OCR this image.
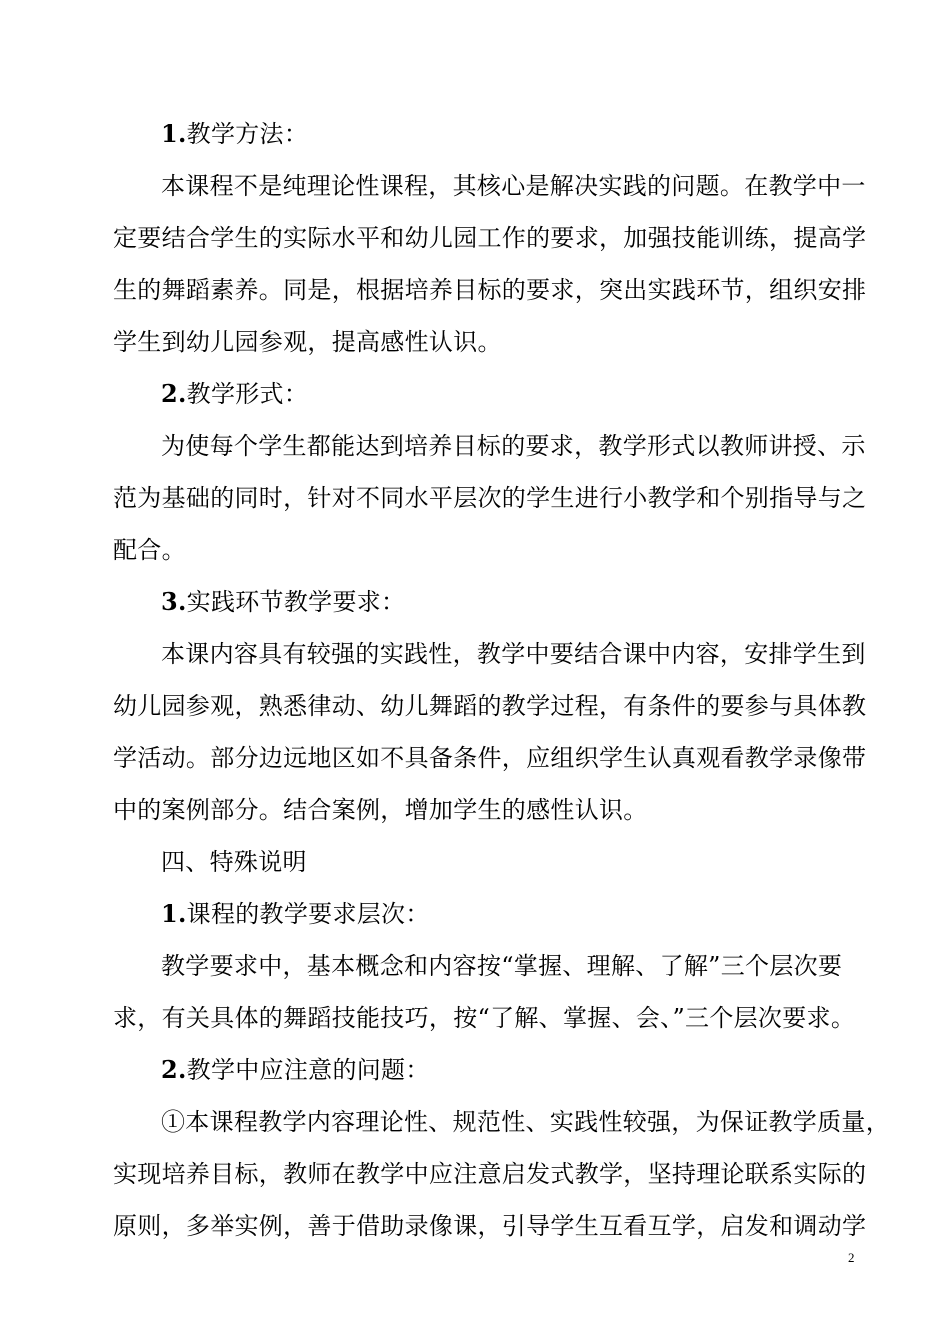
1.教学方法：
本课程不是纯理论性课程，其核心是解决实践的问题。在教学中一
定要结合学生的实际水平和幼儿园工作的要求，加强技能训练，提高学
生的舞蹈素养。同是，根据培养目标的要求，突出实践环节，组织安排
学生到幼儿园参观，提高感性认识。
2.教学形式：
为使每个学生都能达到培养目标的要求，教学形式以教师讲授、示
范为基础的同时，针对不同水平层次的学生进行小教学和个别指导与之
配合。
3.实践环节教学要求：
本课内容具有较强的实践性，教学中要结合课中内容，安排学生到
幼儿园参观，熟悉律动、幼儿舞蹈的教学过程，有条件的要参与具体教
学活动。部分边远地区如不具备条件，应组织学生认真观看教学录像带
中的案例部分。结合案例，增加学生的感性认识。
四、特殊说明
1.课程的教学要求层次：
教学要求中，基本概念和内容按“掌握、理解、了解”三个层次要
求，有关具体的舞蹈技能技巧，按“了解、掌握、会、”三个层次要求。
2.教学中应注意的问题：
①本课程教学内容理论性、规范性、实践性较强，为保证教学质量，
实现培养目标，教师在教学中应注意启发式教学，坚持理论联系实际的
原则，多举实例，善于借助录像课，引导学生互看互学，启发和调动学
2
